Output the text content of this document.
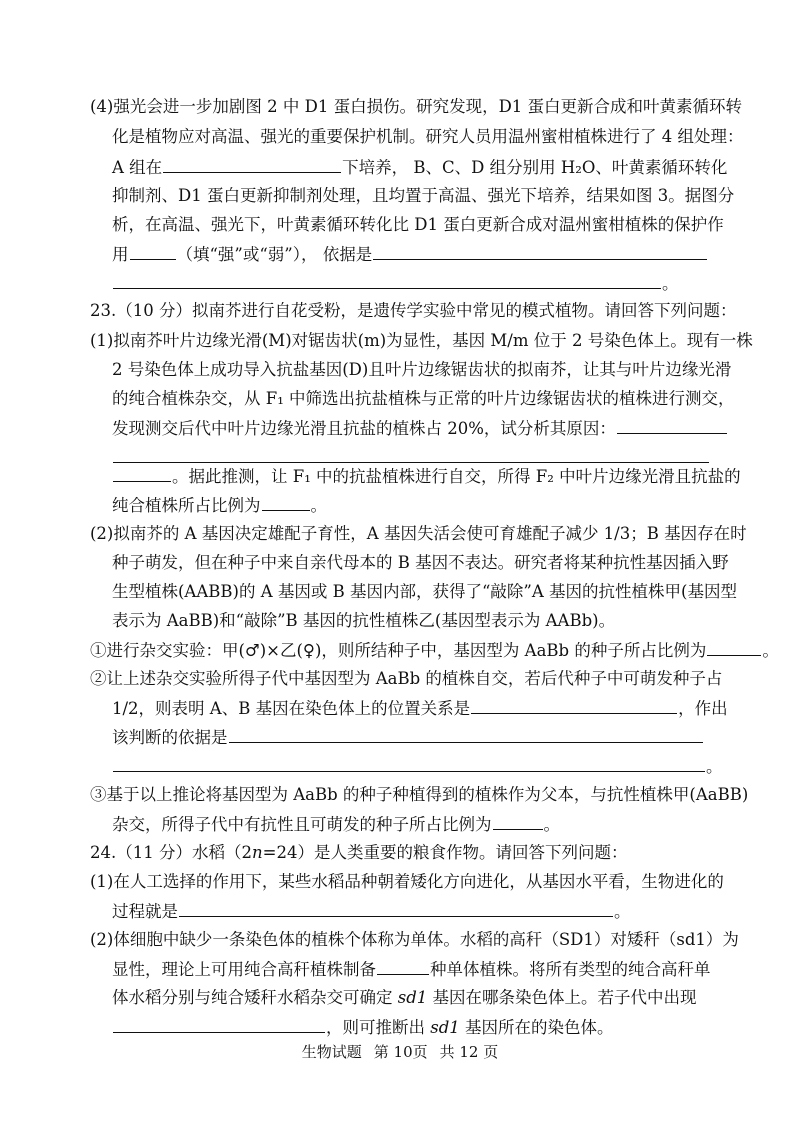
(4)强光会进一步加剧图 2 中 D1 蛋白损伤。研究发现，D1 蛋白更新合成和叶黄素循环转
化是植物应对高温、强光的重要保护机制。研究人员用温州蜜柑植株进行了 4 组处理：
A 组在	下培养， B、C、D 组分别用 H₂O、叶黄素循环转化
抑制剂、D1 蛋白更新抑制剂处理，且均置于高温、强光下培养，结果如图 3。据图分
析，在高温、强光下，叶黄素循环转化比 D1 蛋白更新合成对温州蜜柑植株的保护作
用	（填“强”或“弱”）， 依据是
。
23.（10 分）拟南芥进行自花受粉，是遗传学实验中常见的模式植物。请回答下列问题：
(1)拟南芥叶片边缘光滑(M)对锯齿状(m)为显性，基因 M/m 位于 2 号染色体上。现有一株
2 号染色体上成功导入抗盐基因(D)且叶片边缘锯齿状的拟南芥，让其与叶片边缘光滑
的纯合植株杂交，从 F₁ 中筛选出抗盐植株与正常的叶片边缘锯齿状的植株进行测交，
发现测交后代中叶片边缘光滑且抗盐的植株占 20%，试分析其原因：
。据此推测，让 F₁ 中的抗盐植株进行自交，所得 F₂ 中叶片边缘光滑且抗盐的
纯合植株所占比例为	。
(2)拟南芥的 A 基因决定雄配子育性，A 基因失活会使可育雄配子减少 1/3；B 基因存在时
种子萌发，但在种子中来自亲代母本的 B 基因不表达。研究者将某种抗性基因插入野
生型植株(AABB)的 A 基因或 B 基因内部，获得了“敲除”A 基因的抗性植株甲(基因型
表示为 AaBB)和“敲除”B 基因的抗性植株乙(基因型表示为 AABb)。
①进行杂交实验：甲(♂)×乙(♀)，则所结种子中，基因型为 AaBb 的种子所占比例为	。
②让上述杂交实验所得子代中基因型为 AaBb 的植株自交，若后代种子中可萌发种子占
1/2，则表明 A、B 基因在染色体上的位置关系是	，作出
该判断的依据是
。
③基于以上推论将基因型为 AaBb 的种子种植得到的植株作为父本，与抗性植株甲(AaBB)
杂交，所得子代中有抗性且可萌发的种子所占比例为	。
24.（11 分）水稻（2n=24）是人类重要的粮食作物。请回答下列问题：
(1)在人工选择的作用下，某些水稻品种朝着矮化方向进化，从基因水平看，生物进化的
过程就是	。
(2)体细胞中缺少一条染色体的植株个体称为单体。水稻的高秆（SD1）对矮秆（sd1）为
显性，理论上可用纯合高秆植株制备	种单体植株。将所有类型的纯合高秆单
体水稻分别与纯合矮秆水稻杂交可确定 sd1 基因在哪条染色体上。若子代中出现
，则可推断出 sd1 基因所在的染色体。
生物试题 第 10页 共 12 页
